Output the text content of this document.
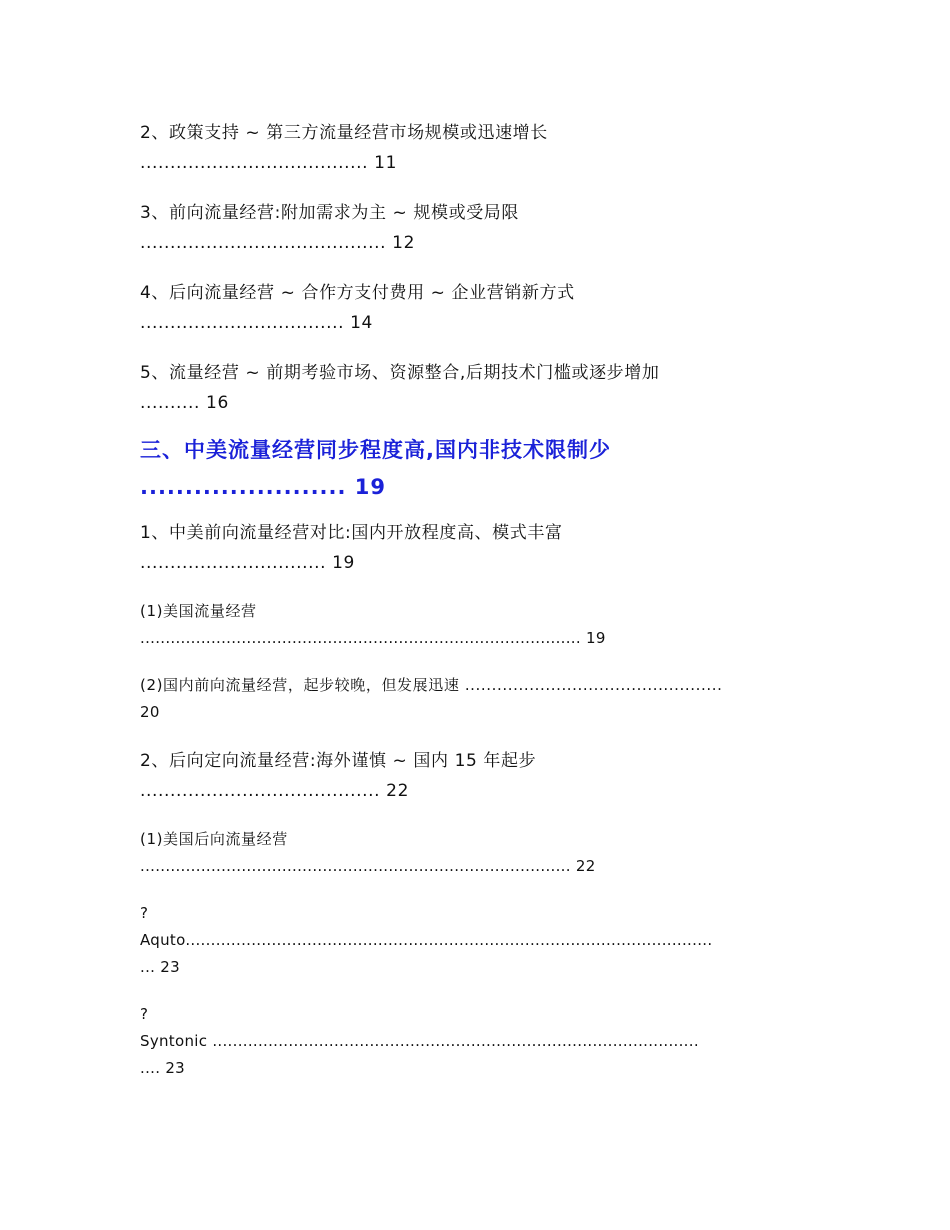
2、政策支持 ~ 第三方流量经营市场规模或迅速增长
...................................... 11
3、前向流量经营:附加需求为主 ~ 规模或受局限
......................................... 12
4、后向流量经营 ~ 合作方支付费用 ~ 企业营销新方式
.................................. 14
5、流量经营 ~ 前期考验市场、资源整合,后期技术门槛或逐步增加
.......... 16
三、中美流量经营同步程度高,国内非技术限制少
....................... 19
1、中美前向流量经营对比:国内开放程度高、模式丰富
............................... 19
(1)美国流量经营
....................................................................................... 19
(2)国内前向流量经营，起步较晚，但发展迅速 ................................................
20
2、后向定向流量经营:海外谨慎 ~ 国内 15 年起步
........................................ 22
(1)美国后向流量经营
..................................................................................... 22
?
Aquto........................................................................................................
... 23
?
Syntonic ................................................................................................
.... 23
